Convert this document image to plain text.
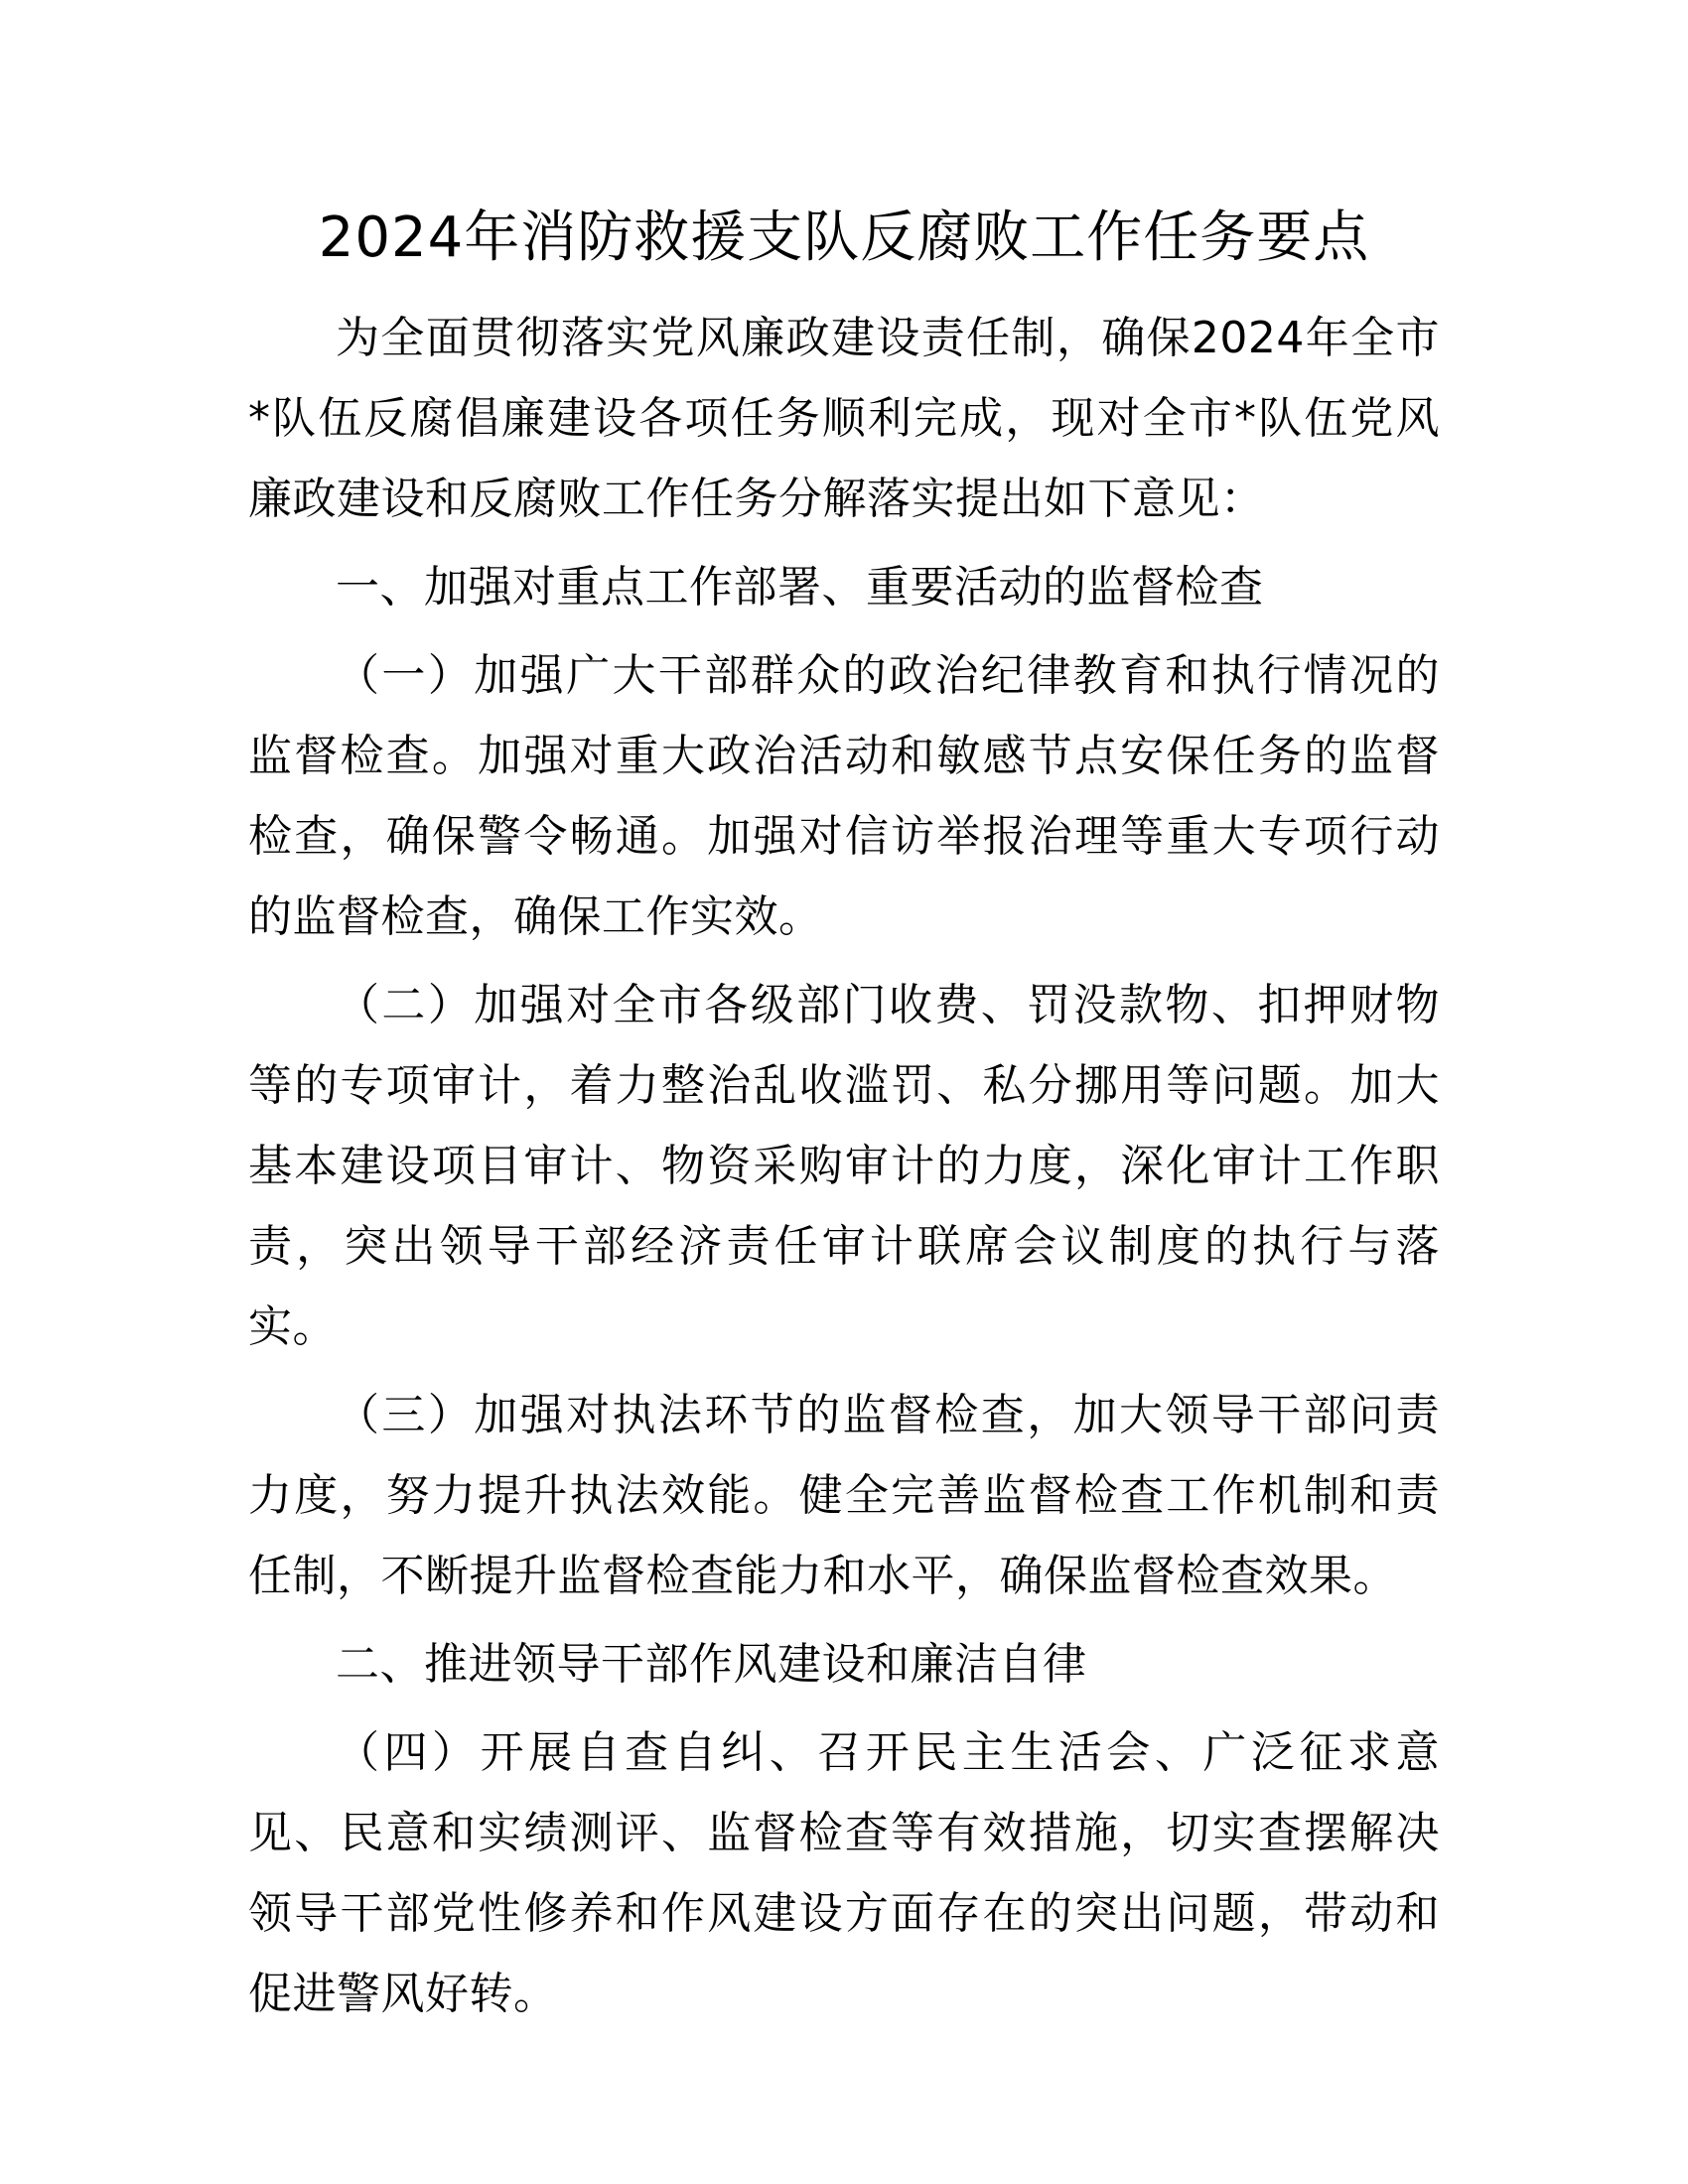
2024年消防救援支队反腐败工作任务要点

为全面贯彻落实党风廉政建设责任制，确保2024年全市*队伍反腐倡廉建设各项任务顺利完成，现对全市*队伍党风廉政建设和反腐败工作任务分解落实提出如下意见：

一、加强对重点工作部署、重要活动的监督检查

（一）加强广大干部群众的政治纪律教育和执行情况的监督检查。加强对重大政治活动和敏感节点安保任务的监督检查，确保警令畅通。加强对信访举报治理等重大专项行动的监督检查，确保工作实效。

（二）加强对全市各级部门收费、罚没款物、扣押财物等的专项审计，着力整治乱收滥罚、私分挪用等问题。加大基本建设项目审计、物资采购审计的力度，深化审计工作职责，突出领导干部经济责任审计联席会议制度的执行与落实。

（三）加强对执法环节的监督检查，加大领导干部问责力度，努力提升执法效能。健全完善监督检查工作机制和责任制，不断提升监督检查能力和水平，确保监督检查效果。

二、推进领导干部作风建设和廉洁自律

（四）开展自查自纠、召开民主生活会、广泛征求意见、民意和实绩测评、监督检查等有效措施，切实查摆解决领导干部党性修养和作风建设方面存在的突出问题，带动和促进警风好转。
